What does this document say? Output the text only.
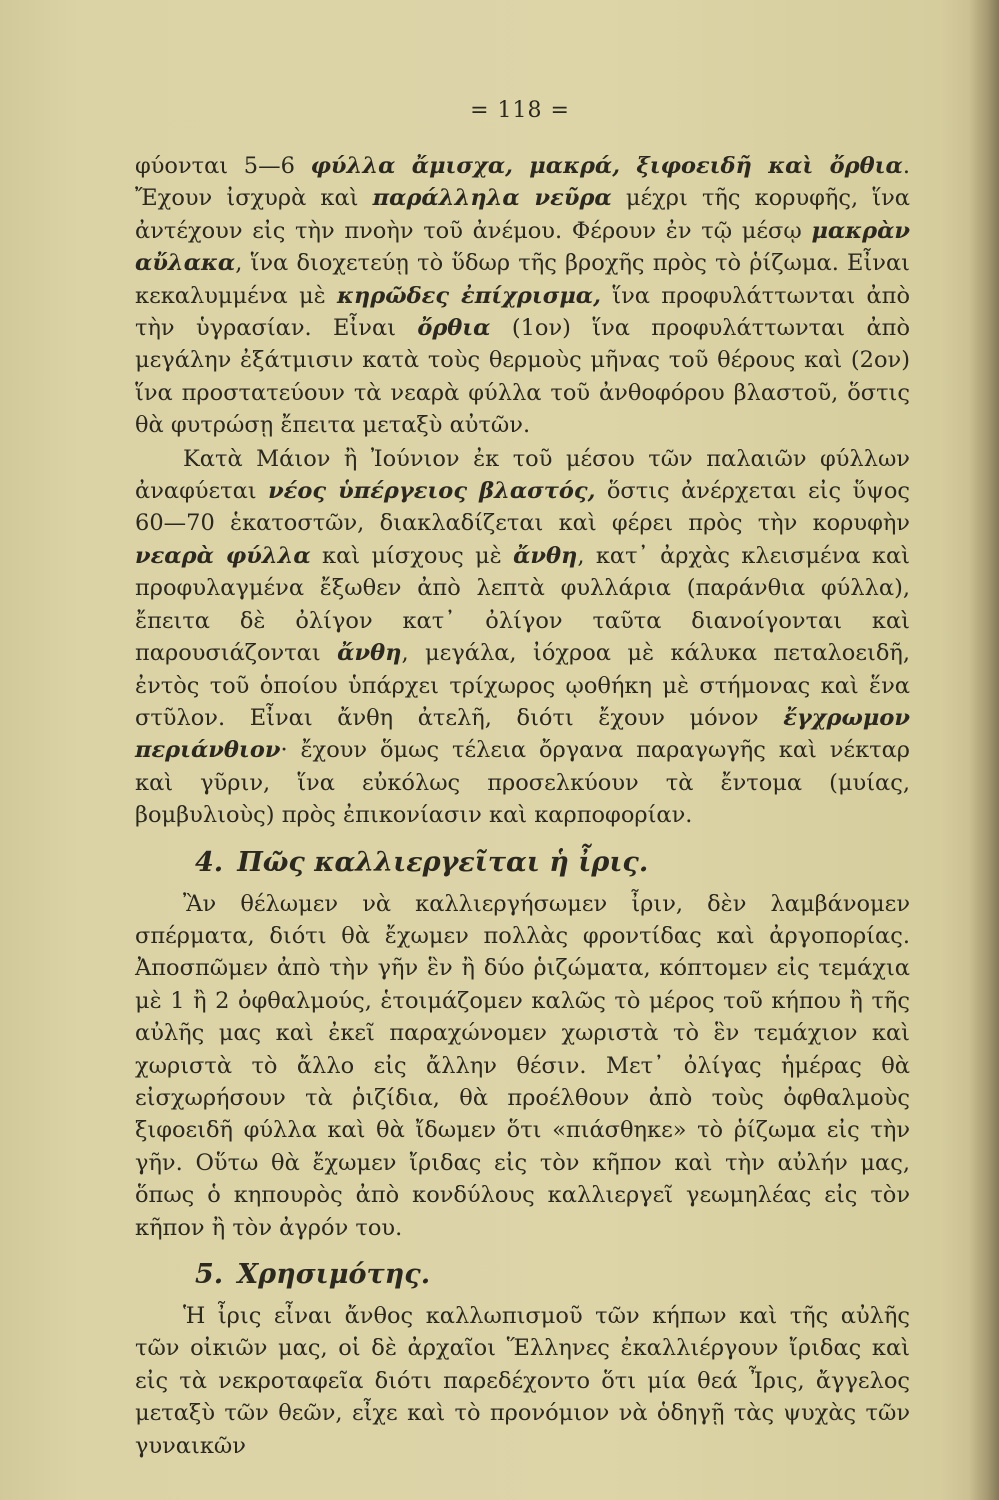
= 118 =

φύονται 5—6 φύλλα ἄμισχα, μακρά, ξιφοειδῆ καὶ ὄρθια. Ἔχουν ἰσχυρὰ καὶ παράλληλα νεῦρα μέχρι τῆς κορυφῆς, ἵνα ἀντέχουν εἰς τὴν πνοὴν τοῦ ἀνέμου. Φέρουν ἐν τῷ μέσῳ μακρὰν αὔλακα, ἵνα διοχετεύῃ τὸ ὕδωρ τῆς βροχῆς πρὸς τὸ ῥίζωμα. Εἶναι κεκαλυμμένα μὲ κηρῶδες ἐπίχρισμα, ἵνα προφυλάττωνται ἀπὸ τὴν ὑγρασίαν. Εἶναι ὄρθια (1ον) ἵνα προφυλάττωνται ἀπὸ μεγάλην ἐξάτμισιν κατὰ τοὺς θερμοὺς μῆνας τοῦ θέρους καὶ (2ον) ἵνα προστατεύουν τὰ νεαρὰ φύλλα τοῦ ἀνθοφόρου βλαστοῦ, ὅστις θὰ φυτρώσῃ ἔπειτα μεταξὺ αὐτῶν.

Κατὰ Μάιον ἢ Ἰούνιον ἐκ τοῦ μέσου τῶν παλαιῶν φύλλων ἀναφύεται νέος ὑπέργειος βλαστός, ὅστις ἀνέρχεται εἰς ὕψος 60—70 ἑκατοστῶν, διακλαδίζεται καὶ φέρει πρὸς τὴν κορυφὴν νεαρὰ φύλλα καὶ μίσχους μὲ ἄνθη, κατ᾽ ἀρχὰς κλεισμένα καὶ προφυλαγμένα ἔξωθεν ἀπὸ λεπτὰ φυλλάρια (παράνθια φύλλα), ἔπειτα δὲ ὀλίγον κατ᾽ ὀλίγον ταῦτα διανοίγονται καὶ παρουσιάζονται ἄνθη, μεγάλα, ἰόχροα μὲ κάλυκα πεταλοειδῆ, ἐντὸς τοῦ ὁποίου ὑπάρχει τρίχωρος ῳοθήκη μὲ στήμονας καὶ ἕνα στῦλον. Εἶναι ἄνθη ἀτελῆ, διότι ἔχουν μόνον ἔγχρωμον περιάνθιον· ἔχουν ὅμως τέλεια ὄργανα παραγωγῆς καὶ νέκταρ καὶ γῦριν, ἵνα εὐκόλως προσελκύουν τὰ ἔντομα (μυίας, βομβυλιοὺς) πρὸς ἐπικονίασιν καὶ καρποφορίαν.

4. Πῶς καλλιεργεῖται ἡ ἶρις.

Ἂν θέλωμεν νὰ καλλιεργήσωμεν ἶριν, δὲν λαμβάνομεν σπέρματα, διότι θὰ ἔχωμεν πολλὰς φροντίδας καὶ ἀργοπορίας. Ἀποσπῶμεν ἀπὸ τὴν γῆν ἓν ἢ δύο ῥιζώματα, κόπτομεν εἰς τεμάχια μὲ 1 ἢ 2 ὀφθαλμούς, ἑτοιμάζομεν καλῶς τὸ μέρος τοῦ κήπου ἢ τῆς αὐλῆς μας καὶ ἐκεῖ παραχώνομεν χωριστὰ τὸ ἓν τεμάχιον καὶ χωριστὰ τὸ ἄλλο εἰς ἄλλην θέσιν. Μετ᾽ ὀλίγας ἡμέρας θὰ εἰσχωρήσουν τὰ ῥιζίδια, θὰ προέλθουν ἀπὸ τοὺς ὀφθαλμοὺς ξιφοειδῆ φύλλα καὶ θὰ ἴδωμεν ὅτι «πιάσθηκε» τὸ ῥίζωμα εἰς τὴν γῆν. Οὕτω θὰ ἔχωμεν ἴριδας εἰς τὸν κῆπον καὶ τὴν αὐλήν μας, ὅπως ὁ κηπουρὸς ἀπὸ κονδύλους καλλιεργεῖ γεωμηλέας εἰς τὸν κῆπον ἢ τὸν ἀγρόν του.

5. Χρησιμότης.

Ἡ ἶρις εἶναι ἄνθος καλλωπισμοῦ τῶν κήπων καὶ τῆς αὐλῆς τῶν οἰκιῶν μας, οἱ δὲ ἀρχαῖοι Ἕλληνες ἐκαλλιέργουν ἴριδας καὶ εἰς τὰ νεκροταφεῖα διότι παρεδέχοντο ὅτι μία θεά Ἶρις, ἄγγελος μεταξὺ τῶν θεῶν, εἶχε καὶ τὸ προνόμιον νὰ ὁδηγῇ τὰς ψυχὰς τῶν γυναικῶν
